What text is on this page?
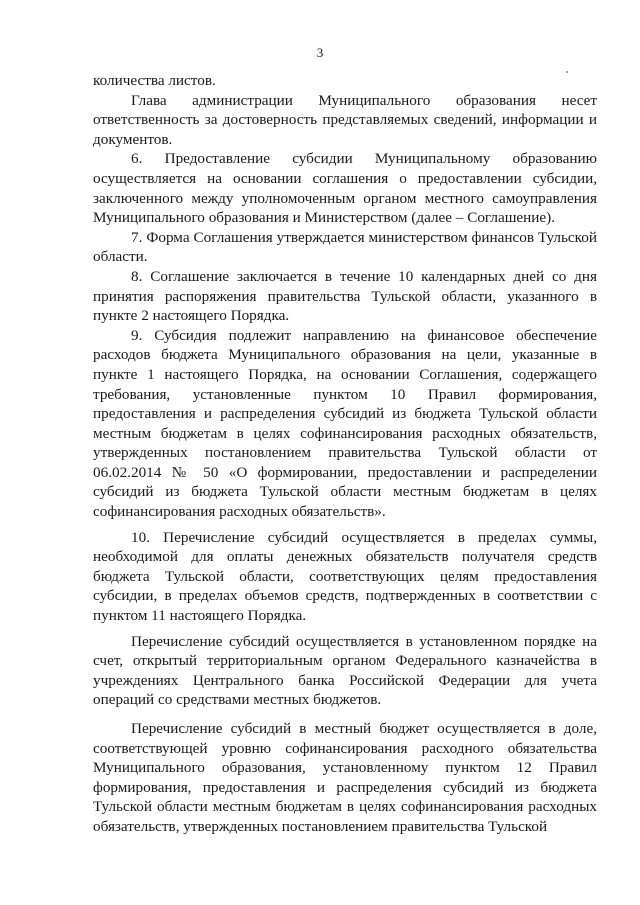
3

количества листов.

Глава администрации Муниципального образования несет ответственность за достоверность представляемых сведений, информации и документов.

6. Предоставление субсидии Муниципальному образованию осуществляется на основании соглашения о предоставлении субсидии, заключенного между уполномоченным органом местного самоуправления Муниципального образования и Министерством (далее – Соглашение).

7. Форма Соглашения утверждается министерством финансов Тульской области.

8. Соглашение заключается в течение 10 календарных дней со дня принятия распоряжения правительства Тульской области, указанного в пункте 2 настоящего Порядка.

9. Субсидия подлежит направлению на финансовое обеспечение расходов бюджета Муниципального образования на цели, указанные в пункте 1 настоящего Порядка, на основании Соглашения, содержащего требования, установленные пунктом 10 Правил формирования, предоставления и распределения субсидий из бюджета Тульской области местным бюджетам в целях софинансирования расходных обязательств, утвержденных постановлением правительства Тульской области от 06.02.2014 № 50 «О формировании, предоставлении и распределении субсидий из бюджета Тульской области местным бюджетам в целях софинансирования расходных обязательств».

10. Перечисление субсидий осуществляется в пределах суммы, необходимой для оплаты денежных обязательств получателя средств бюджета Тульской области, соответствующих целям предоставления субсидии, в пределах объемов средств, подтвержденных в соответствии с пунктом 11 настоящего Порядка.

Перечисление субсидий осуществляется в установленном порядке на счет, открытый территориальным органом Федерального казначейства в учреждениях Центрального банка Российской Федерации для учета операций со средствами местных бюджетов.

Перечисление субсидий в местный бюджет осуществляется в доле, соответствующей уровню софинансирования расходного обязательства Муниципального образования, установленному пунктом 12 Правил формирования, предоставления и распределения субсидий из бюджета Тульской области местным бюджетам в целях софинансирования расходных обязательств, утвержденных постановлением правительства Тульской
